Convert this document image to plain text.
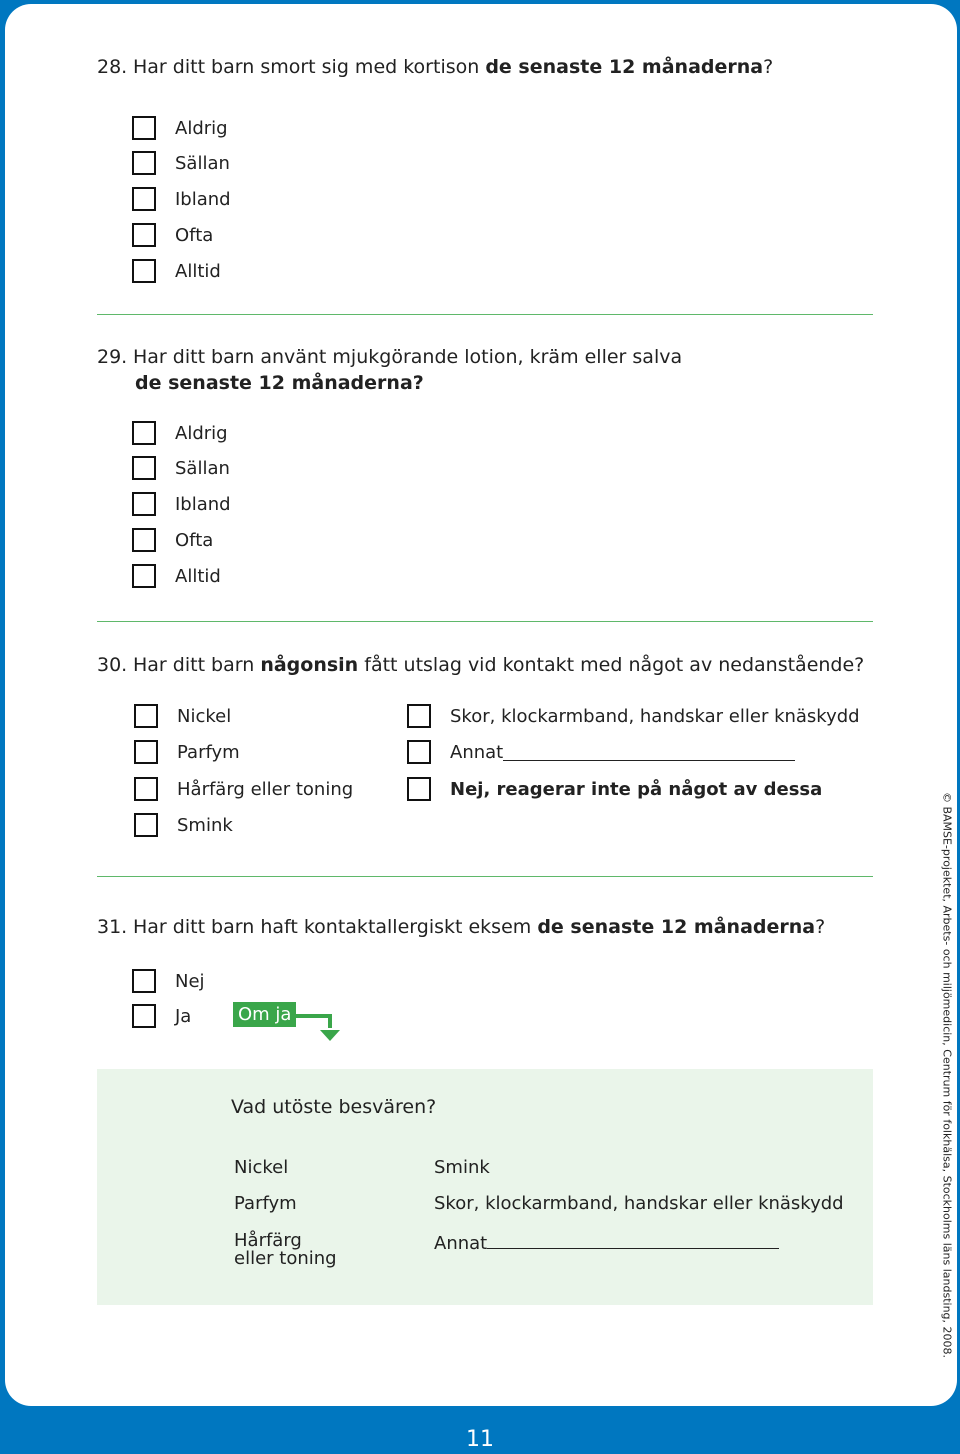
28. Har ditt barn smort sig med kortison de senaste 12 månaderna?

Aldrig
Sällan
Ibland
Ofta
Alltid

29. Har ditt barn använt mjukgörande lotion, kräm eller salva
de senaste 12 månaderna?

Aldrig
Sällan
Ibland
Ofta
Alltid

30. Har ditt barn någonsin fått utslag vid kontakt med något av nedanstående?

Nickel
Parfym
Hårfärg eller toning
Smink
Skor, klockarmband, handskar eller knäskydd
Annat
Nej, reagerar inte på något av dessa

31. Har ditt barn haft kontaktallergiskt eksem de senaste 12 månaderna?

Nej
Ja	Om ja
Vad utöste besvären?
Nickel
Parfym
Hårfärg
eller toning
Smink
Skor, klockarmband, handskar eller knäskydd
Annat	© BAMSE-projektet, Arbets- och miljömedicin, Centrum för folkhälsa, Stockholms läns landsting, 2008.
11
